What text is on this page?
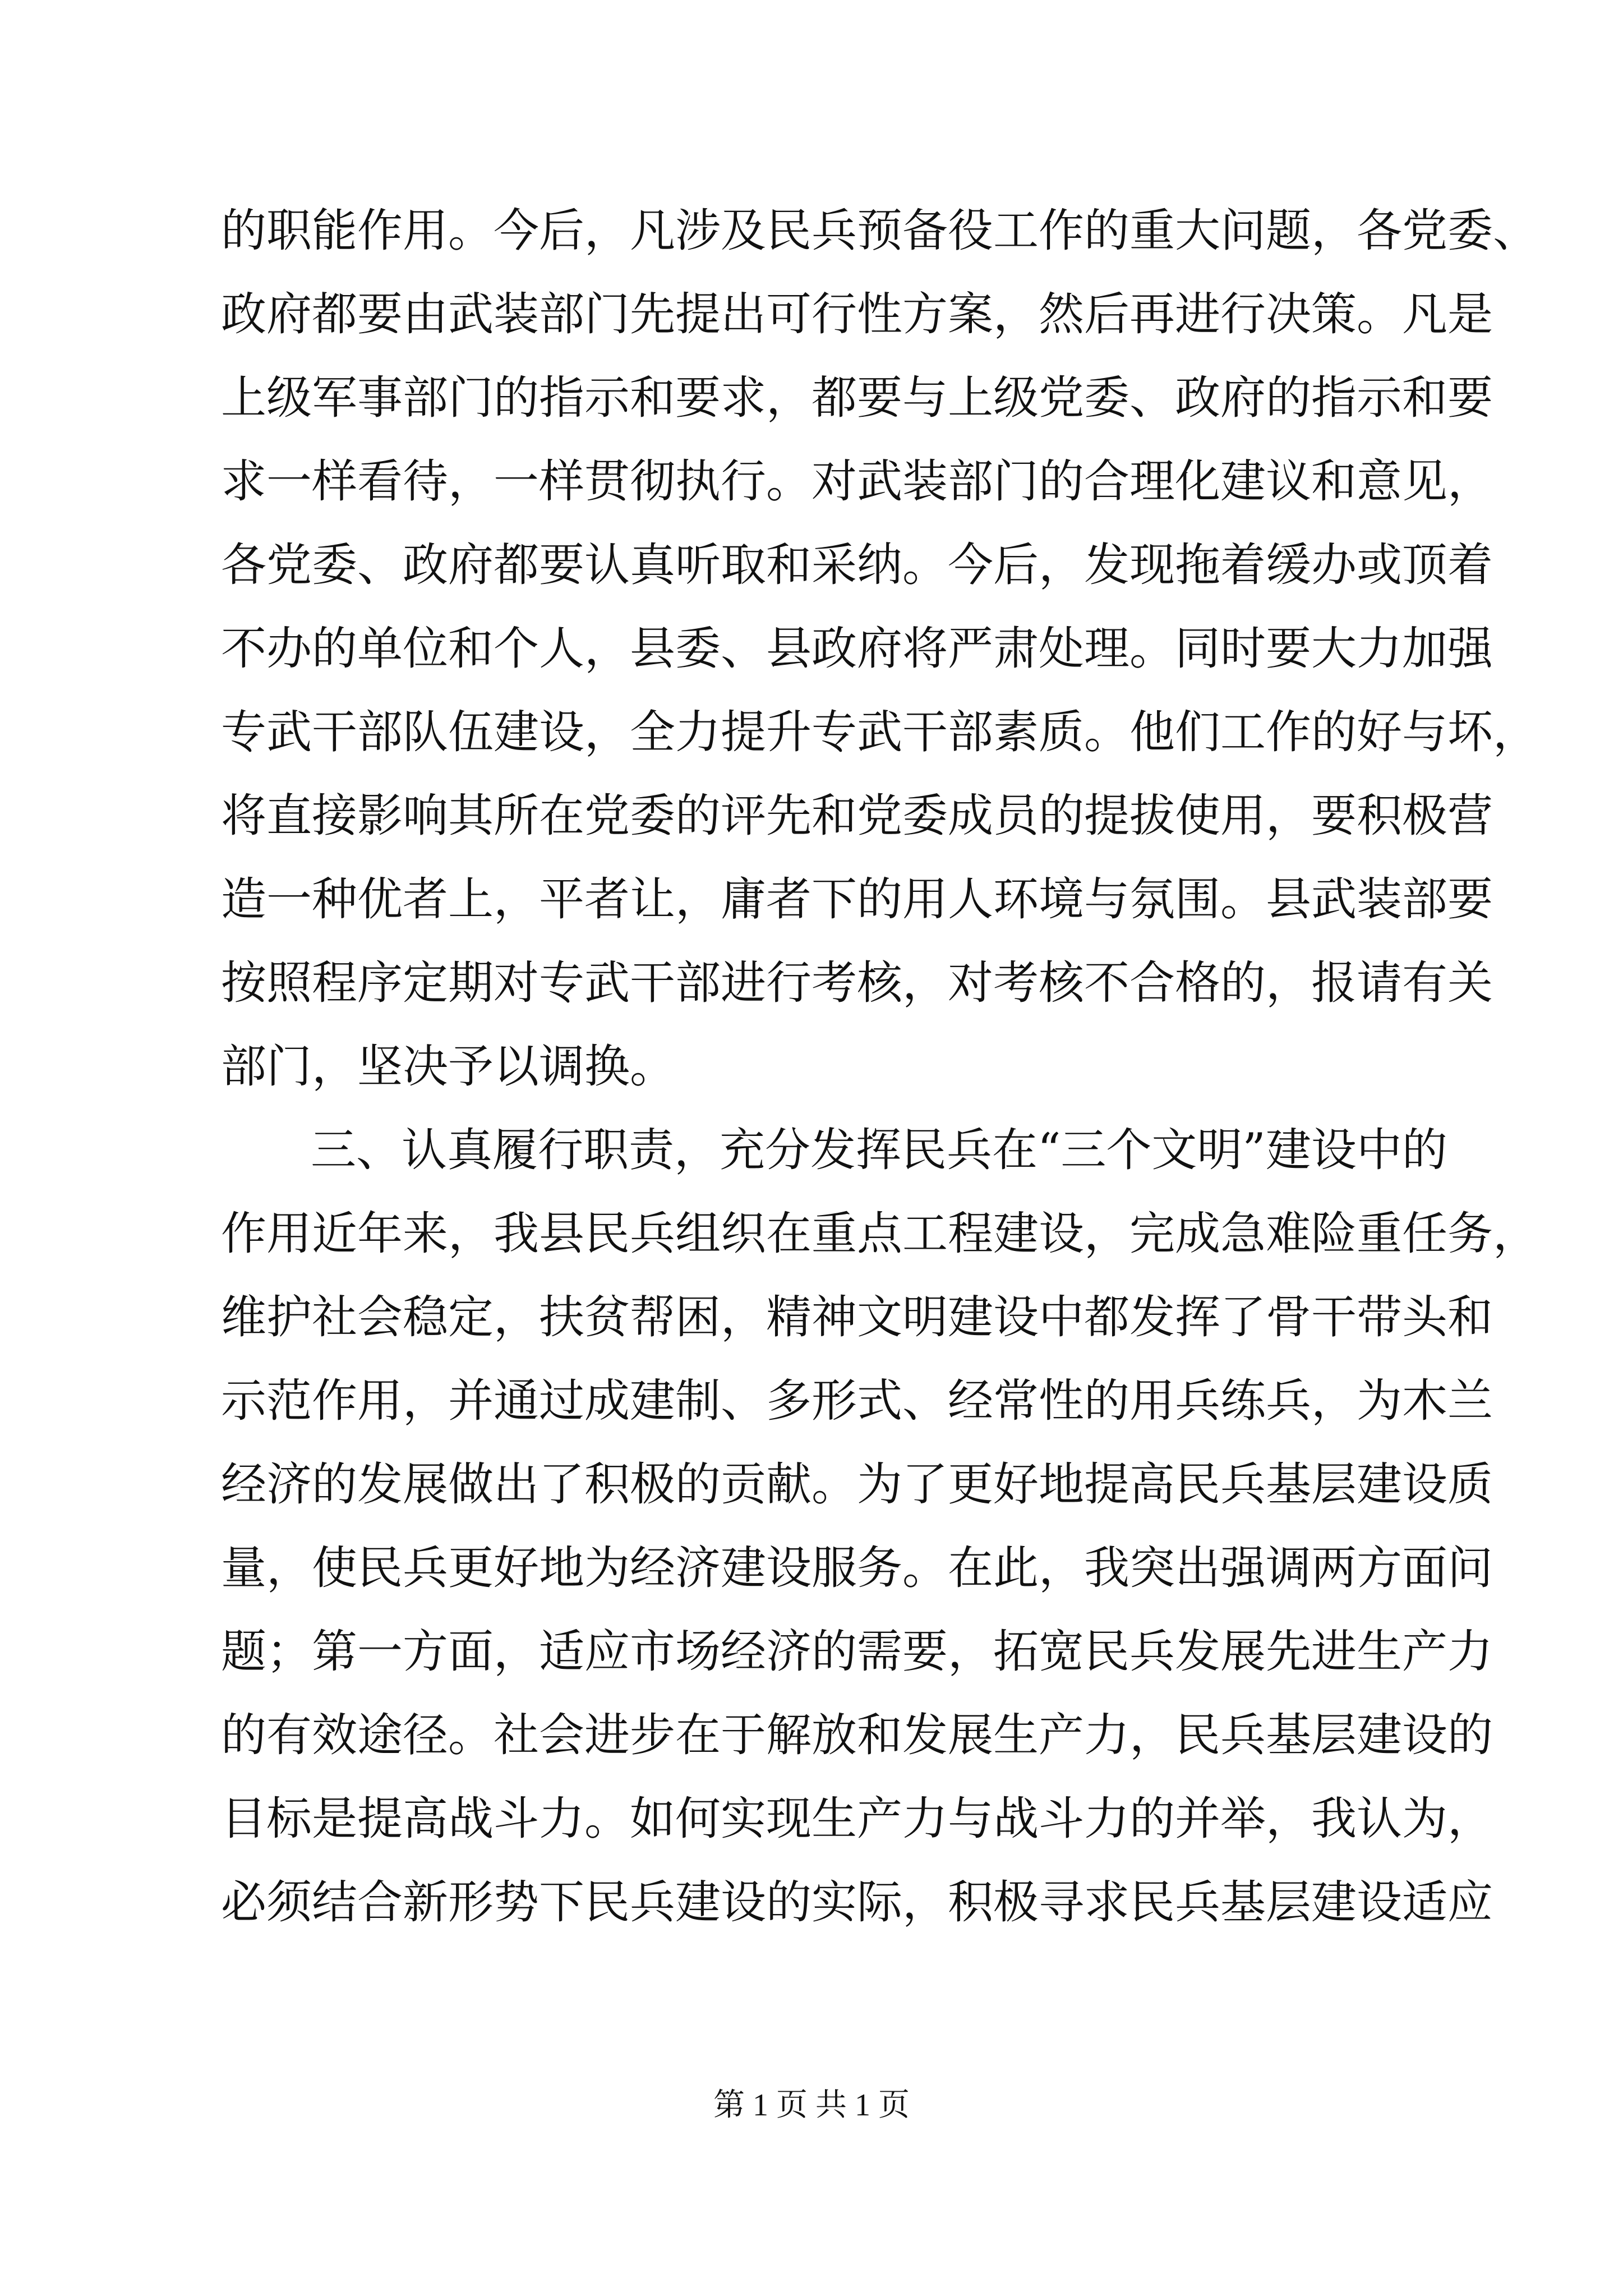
的职能作用。今后，凡涉及民兵预备役工作的重大问题，各党委、
政府都要由武装部门先提出可行性方案，然后再进行决策。凡是
上级军事部门的指示和要求，都要与上级党委、政府的指示和要
求一样看待，一样贯彻执行。对武装部门的合理化建议和意见，
各党委、政府都要认真听取和采纳。今后，发现拖着缓办或顶着
不办的单位和个人，县委、县政府将严肃处理。同时要大力加强
专武干部队伍建设，全力提升专武干部素质。他们工作的好与坏，
将直接影响其所在党委的评先和党委成员的提拔使用，要积极营
造一种优者上，平者让，庸者下的用人环境与氛围。县武装部要
按照程序定期对专武干部进行考核，对考核不合格的，报请有关
部门，坚决予以调换。
三、认真履行职责，充分发挥民兵在“三个文明”建设中的
作用近年来，我县民兵组织在重点工程建设，完成急难险重任务，
维护社会稳定，扶贫帮困，精神文明建设中都发挥了骨干带头和
示范作用，并通过成建制、多形式、经常性的用兵练兵，为木兰
经济的发展做出了积极的贡献。为了更好地提高民兵基层建设质
量，使民兵更好地为经济建设服务。在此，我突出强调两方面问
题；第一方面，适应市场经济的需要，拓宽民兵发展先进生产力
的有效途径。社会进步在于解放和发展生产力，民兵基层建设的
目标是提高战斗力。如何实现生产力与战斗力的并举，我认为，
必须结合新形势下民兵建设的实际，积极寻求民兵基层建设适应
第 1 页 共 1 页
